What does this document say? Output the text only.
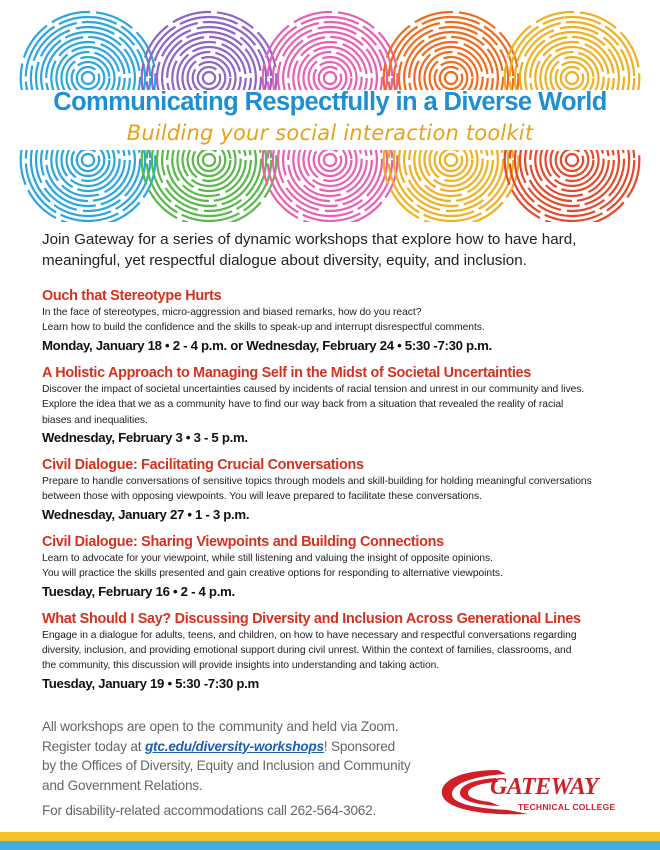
Communicating Respectfully in a Diverse World
Building your social interaction toolkit
Join Gateway for a series of dynamic workshops that explore how to have hard,
meaningful, yet respectful dialogue about diversity, equity, and inclusion.
Ouch that Stereotype Hurts
In the face of stereotypes, micro-aggression and biased remarks, how do you react?
Learn how to build the confidence and the skills to speak-up and interrupt disrespectful comments.
Monday, January 18 • 2 - 4 p.m. or Wednesday, February 24 • 5:30 -7:30 p.m.
A Holistic Approach to Managing Self in the Midst of Societal Uncertainties
Discover the impact of societal uncertainties caused by incidents of racial tension and unrest in our community and lives.
Explore the idea that we as a community have to find our way back from a situation that revealed the reality of racial
biases and inequalities.
Wednesday, February 3 • 3 - 5 p.m.
Civil Dialogue: Facilitating Crucial Conversations
Prepare to handle conversations of sensitive topics through models and skill-building for holding meaningful conversations
between those with opposing viewpoints. You will leave prepared to facilitate these conversations.
Wednesday, January 27 • 1 - 3 p.m.
Civil Dialogue: Sharing Viewpoints and Building Connections
Learn to advocate for your viewpoint, while still listening and valuing the insight of opposite opinions.
You will practice the skills presented and gain creative options for responding to alternative viewpoints.
Tuesday, February 16 • 2 - 4 p.m.
What Should I Say? Discussing Diversity and Inclusion Across Generational Lines
Engage in a dialogue for adults, teens, and children, on how to have necessary and respectful conversations regarding
diversity, inclusion, and providing emotional support during civil unrest. Within the context of families, classrooms, and
the community, this discussion will provide insights into understanding and taking action.
Tuesday, January 19 • 5:30 -7:30 p.m
All workshops are open to the community and held via Zoom.
Register today at gtc.edu/diversity-workshops! Sponsored
by the Offices of Diversity, Equity and Inclusion and Community
and Government Relations.
For disability-related accommodations call 262-564-3062.
GATEWAY
TECHNICAL COLLEGE
